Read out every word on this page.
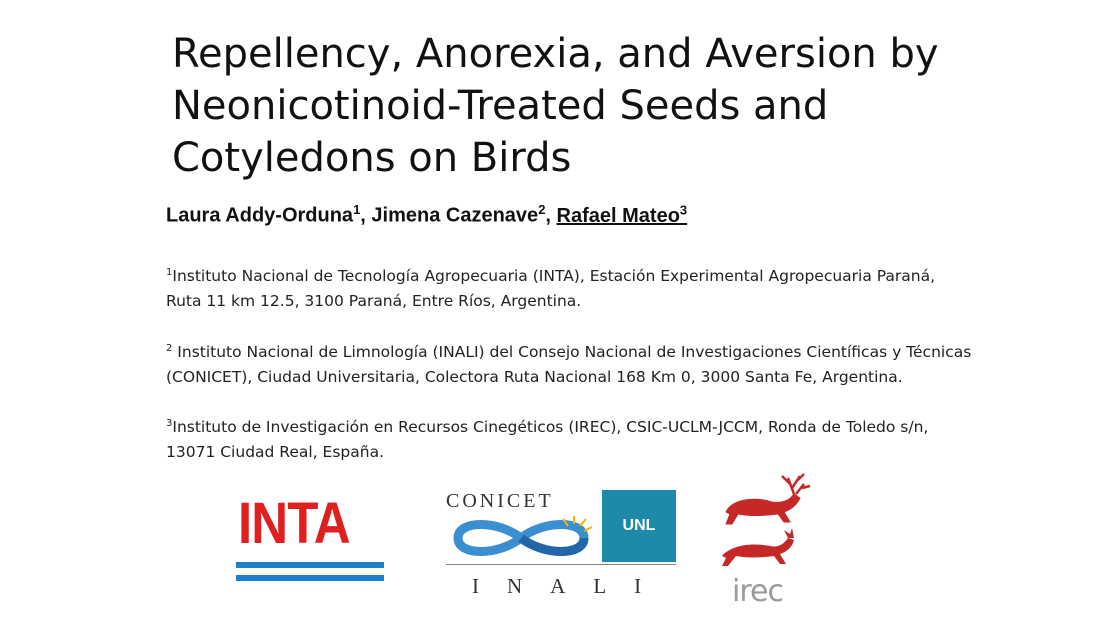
Repellency, Anorexia, and Aversion by Neonicotinoid-Treated Seeds and Cotyledons on Birds
Laura Addy-Orduna$^1$, Jimena Cazenave$^2$, Rafael Mateo$^3$
$^1$Instituto Nacional de Tecnología Agropecuaria (INTA), Estación Experimental Agropecuaria Paraná,
Ruta 11 km 12.5, 3100 Paraná, Entre Ríos, Argentina.
$^2$ Instituto Nacional de Limnología (INALI) del Consejo Nacional de Investigaciones Científicas y Técnicas
(CONICET), Ciudad Universitaria, Colectora Ruta Nacional 168 Km 0, 3000 Santa Fe, Argentina.
$^3$Instituto de Investigación en Recursos Cinegéticos (IREC), CSIC-UCLM-JCCM, Ronda de Toledo s/n,
13071 Ciudad Real, España.
INTA	CONICET
UNL
INALI irec
